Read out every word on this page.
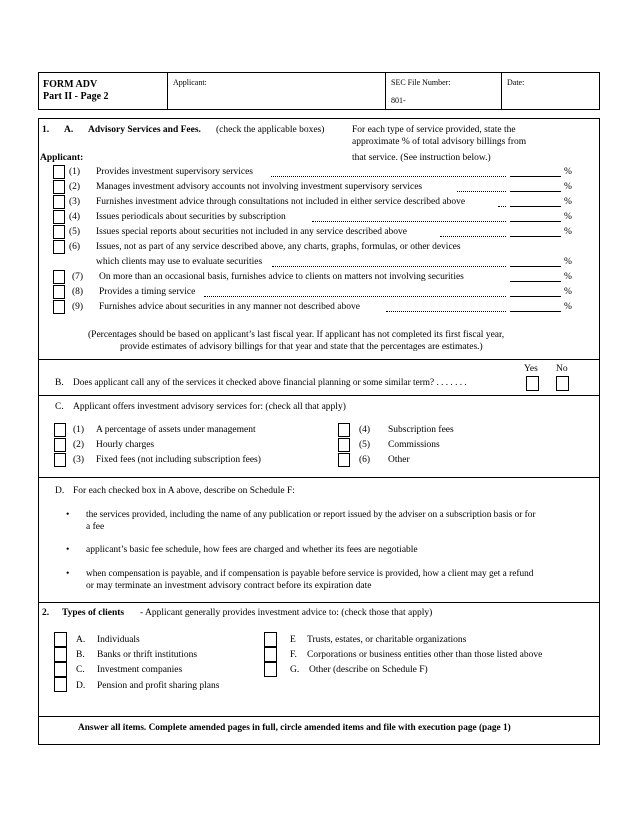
FORM ADV
Part II - Page 2
Applicant:	SEC File Number:
801-
Date:
1. A. Advisory Services and Fees. (check the applicable boxes)	For each type of service provided, state the
approximate % of total advisory billings from
that service. (See instruction below.)
Applicant:
(1) Provides investment supervisory services	%
(2) Manages investment advisory accounts not involving investment supervisory services	%
(3) Furnishes investment advice through consultations not included in either service described above	%
(4) Issues periodicals about securities by subscription	%
(5) Issues special reports about securities not included in any service described above	%
(6) Issues, not as part of any service described above, any charts, graphs, formulas, or other devices
which clients may use to evaluate securities	%
(7) On more than an occasional basis, furnishes advice to clients on matters not involving securities	%
(8) Provides a timing service	%
(9) Furnishes advice about securities in any manner not described above	%
(Percentages should be based on applicant’s last fiscal year. If applicant has not completed its first fiscal year,
provide estimates of advisory billings for that year and state that the percentages are estimates.)
Yes No
B. Does applicant call any of the services it checked above financial planning or some similar term? . . . . . . .
C. Applicant offers investment advisory services for: (check all that apply)
(1) A percentage of assets under management
(2) Hourly charges
(3) Fixed fees (not including subscription fees)
(4) Subscription fees
(5) Commissions
(6) Other
D. For each checked box in A above, describe on Schedule F:
• the services provided, including the name of any publication or report issued by the adviser on a subscription basis or for
a fee
• applicant’s basic fee schedule, how fees are charged and whether its fees are negotiable
• when compensation is payable, and if compensation is payable before service is provided, how a client may get a refund
or may terminate an investment advisory contract before its expiration date
2. Types of clients - Applicant generally provides investment advice to: (check those that apply)
A. Individuals
B. Banks or thrift institutions
C. Investment companies
D. Pension and profit sharing plans
E Trusts, estates, or charitable organizations
F. Corporations or business entities other than those listed above
G. Other (describe on Schedule F)
Answer all items. Complete amended pages in full, circle amended items and file with execution page (page 1)
